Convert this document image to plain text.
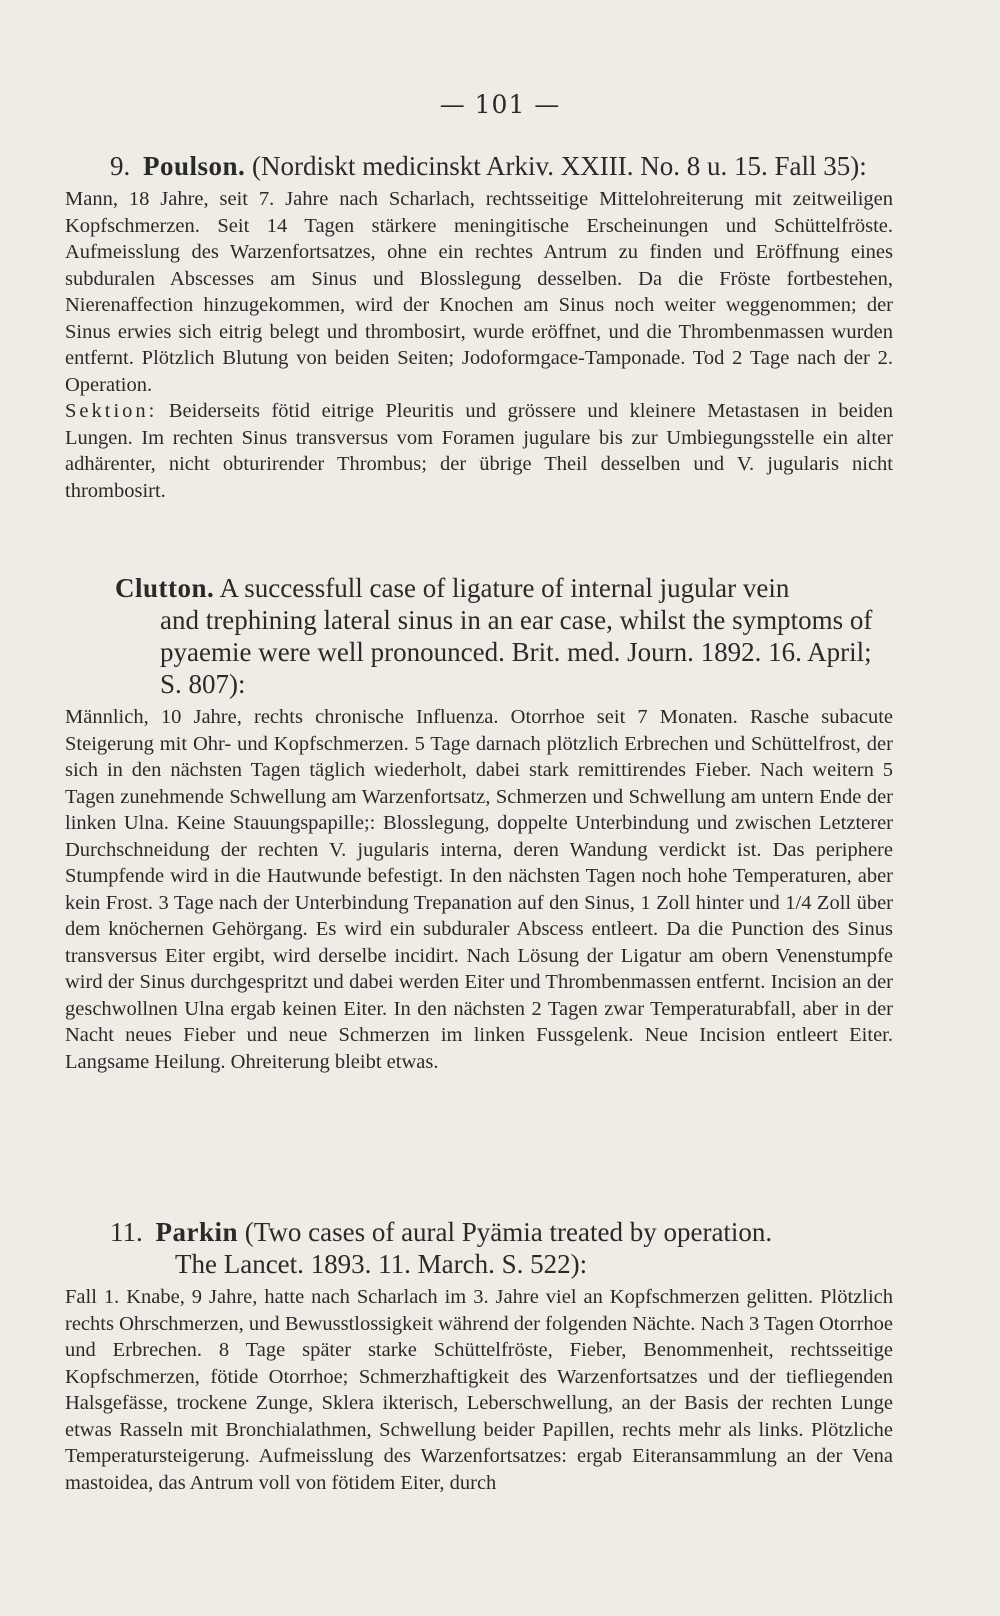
— 101 —

9. Poulson. (Nordiskt medicinskt Arkiv. XXIII. No. 8 u. 15. Fall 35):

Mann, 18 Jahre, seit 7. Jahre nach Scharlach, rechtsseitige Mittelohreiterung mit zeitweiligen Kopfschmerzen. Seit 14 Tagen stärkere meningitische Erscheinungen und Schüttelfröste. Aufmeisslung des Warzenfortsatzes, ohne ein rechtes Antrum zu finden und Eröffnung eines subduralen Abscesses am Sinus und Blosslegung desselben. Da die Fröste fortbestehen, Nierenaffection hinzugekommen, wird der Knochen am Sinus noch weiter weggenommen; der Sinus erwies sich eitrig belegt und thrombosirt, wurde eröffnet, und die Thrombenmassen wurden entfernt. Plötzlich Blutung von beiden Seiten; Jodoformgace-Tamponade. Tod 2 Tage nach der 2. Operation.

Sektion: Beiderseits fötid eitrige Pleuritis und grössere und kleinere Metastasen in beiden Lungen. Im rechten Sinus transversus vom Foramen jugulare bis zur Umbiegungsstelle ein alter adhärenter, nicht obturirender Thrombus; der übrige Theil desselben und V. jugularis nicht thrombosirt.

Clutton. A successfull case of ligature of internal jugular vein
and trephining lateral sinus in an ear case, whilst the symptoms of pyaemie were well pronounced. Brit. med. Journ. 1892. 16. April; S. 807):

Männlich, 10 Jahre, rechts chronische Influenza. Otorrhoe seit 7 Monaten. Rasche subacute Steigerung mit Ohr- und Kopfschmerzen. 5 Tage darnach plötzlich Erbrechen und Schüttelfrost, der sich in den nächsten Tagen täglich wiederholt, dabei stark remittirendes Fieber. Nach weitern 5 Tagen zunehmende Schwellung am Warzenfortsatz, Schmerzen und Schwellung am untern Ende der linken Ulna. Keine Stauungspapille;: Blosslegung, doppelte Unterbindung und zwischen Letzterer Durchschneidung der rechten V. jugularis interna, deren Wandung verdickt ist. Das periphere Stumpfende wird in die Hautwunde befestigt. In den nächsten Tagen noch hohe Temperaturen, aber kein Frost. 3 Tage nach der Unterbindung Trepanation auf den Sinus, 1 Zoll hinter und 1/4 Zoll über dem knöchernen Gehörgang. Es wird ein subduraler Abscess entleert. Da die Punction des Sinus transversus Eiter ergibt, wird derselbe incidirt. Nach Lösung der Ligatur am obern Venenstumpfe wird der Sinus durchgespritzt und dabei werden Eiter und Thrombenmassen entfernt. Incision an der geschwollnen Ulna ergab keinen Eiter. In den nächsten 2 Tagen zwar Temperaturabfall, aber in der Nacht neues Fieber und neue Schmerzen im linken Fussgelenk. Neue Incision entleert Eiter. Langsame Heilung. Ohreiterung bleibt etwas.

11. Parkin (Two cases of aural Pyämia treated by operation.
The Lancet. 1893. 11. March. S. 522):

Fall 1. Knabe, 9 Jahre, hatte nach Scharlach im 3. Jahre viel an Kopfschmerzen gelitten. Plötzlich rechts Ohrschmerzen, und Bewusstlossigkeit während der folgenden Nächte. Nach 3 Tagen Otorrhoe und Erbrechen. 8 Tage später starke Schüttelfröste, Fieber, Benommenheit, rechtsseitige Kopfschmerzen, fötide Otorrhoe; Schmerzhaftigkeit des Warzenfortsatzes und der tiefliegenden Halsgefässe, trockene Zunge, Sklera ikterisch, Leberschwellung, an der Basis der rechten Lunge etwas Rasseln mit Bronchialathmen, Schwellung beider Papillen, rechts mehr als links. Plötzliche Temperatursteigerung. Aufmeisslung des Warzenfortsatzes: ergab Eiteransammlung an der Vena mastoidea, das Antrum voll von fötidem Eiter, durch
